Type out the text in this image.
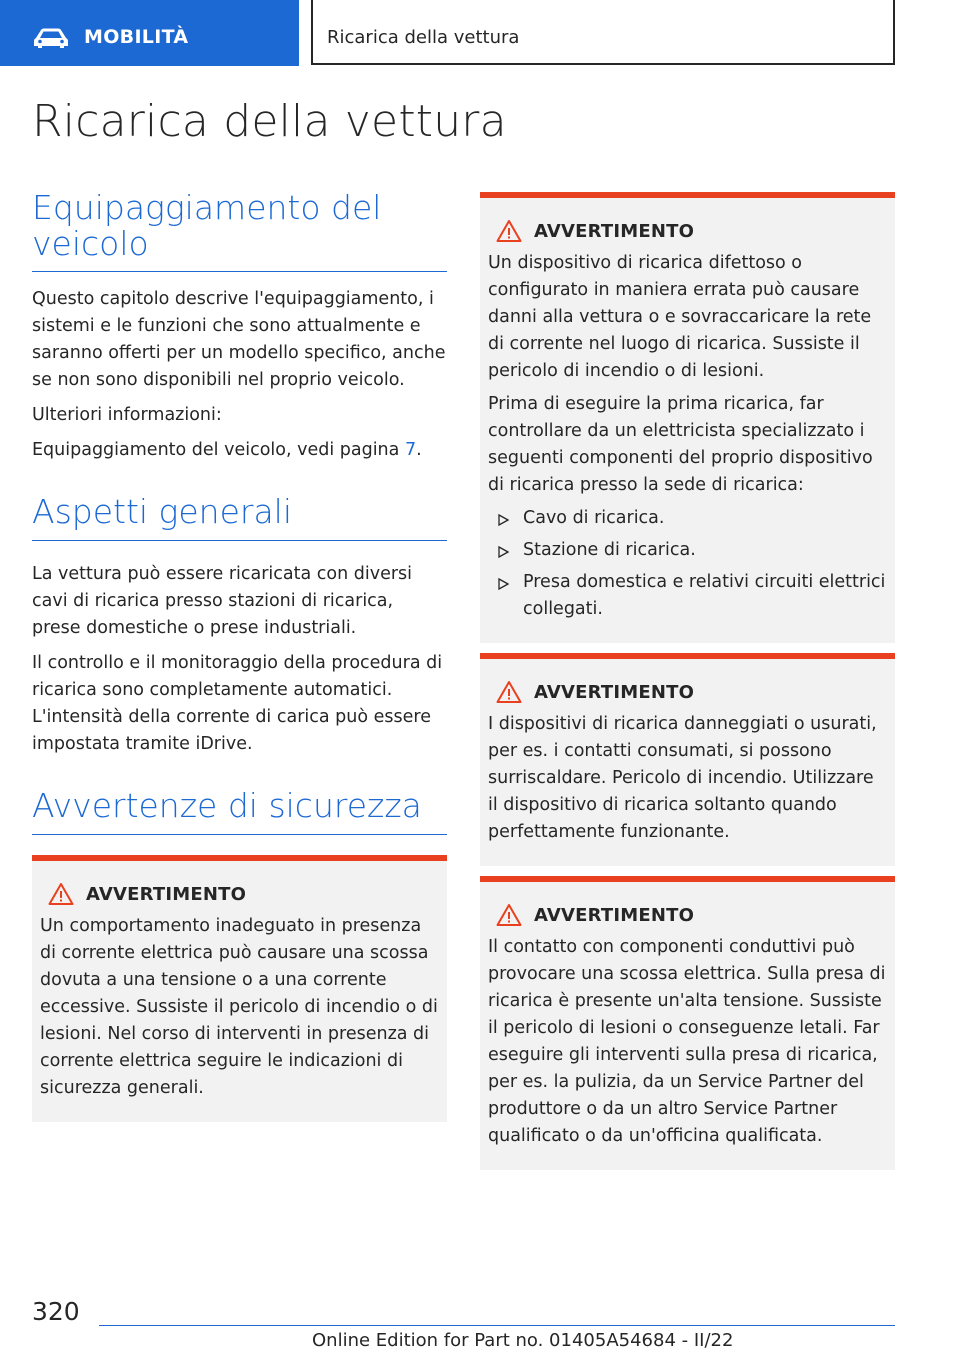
MOBILITÀ	Ricarica della vettura
Ricarica della vettura
Equipaggiamento del veicolo

Questo capitolo descrive l'equipaggiamento, i sistemi e le funzioni che sono attualmente e saranno offerti per un modello specifico, anche se non sono disponibili nel proprio veicolo.

Ulteriori informazioni:

Equipaggiamento del veicolo, vedi pagina 7.

Aspetti generali

La vettura può essere ricaricata con diversi cavi di ricarica presso stazioni di ricarica, prese domestiche o prese industriali.

Il controllo e il monitoraggio della procedura di ricarica sono completamente automatici. L'intensità della corrente di carica può essere impostata tramite iDrive.

Avvertenze di sicurezza
AVVERTIMENTO

Un comportamento inadeguato in presenza di corrente elettrica può causare una scossa dovuta a una tensione o a una corrente eccessive. Sussiste il pericolo di incendio o di lesioni. Nel corso di interventi in presenza di corrente elettrica seguire le indicazioni di sicurezza generali.

AVVERTIMENTO

Un dispositivo di ricarica difettoso o configurato in maniera errata può causare danni alla vettura o e sovraccaricare la rete di corrente nel luogo di ricarica. Sussiste il pericolo di incendio o di lesioni.

Prima di eseguire la prima ricarica, far controllare da un elettricista specializzato i seguenti componenti del proprio dispositivo di ricarica presso la sede di ricarica:

Cavo di ricarica.
Stazione di ricarica.
Presa domestica e relativi circuiti elettrici collegati.
AVVERTIMENTO

I dispositivi di ricarica danneggiati o usurati, per es. i contatti consumati, si possono surriscaldare. Pericolo di incendio. Utilizzare il dispositivo di ricarica soltanto quando perfettamente funzionante.

AVVERTIMENTO

Il contatto con componenti conduttivi può provocare una scossa elettrica. Sulla presa di ricarica è presente un'alta tensione. Sussiste il pericolo di lesioni o conseguenze letali. Far eseguire gli interventi sulla presa di ricarica, per es. la pulizia, da un Service Partner del produttore o da un altro Service Partner qualificato o da un'officina qualificata.

320
Online Edition for Part no. 01405A54684 - II/22
